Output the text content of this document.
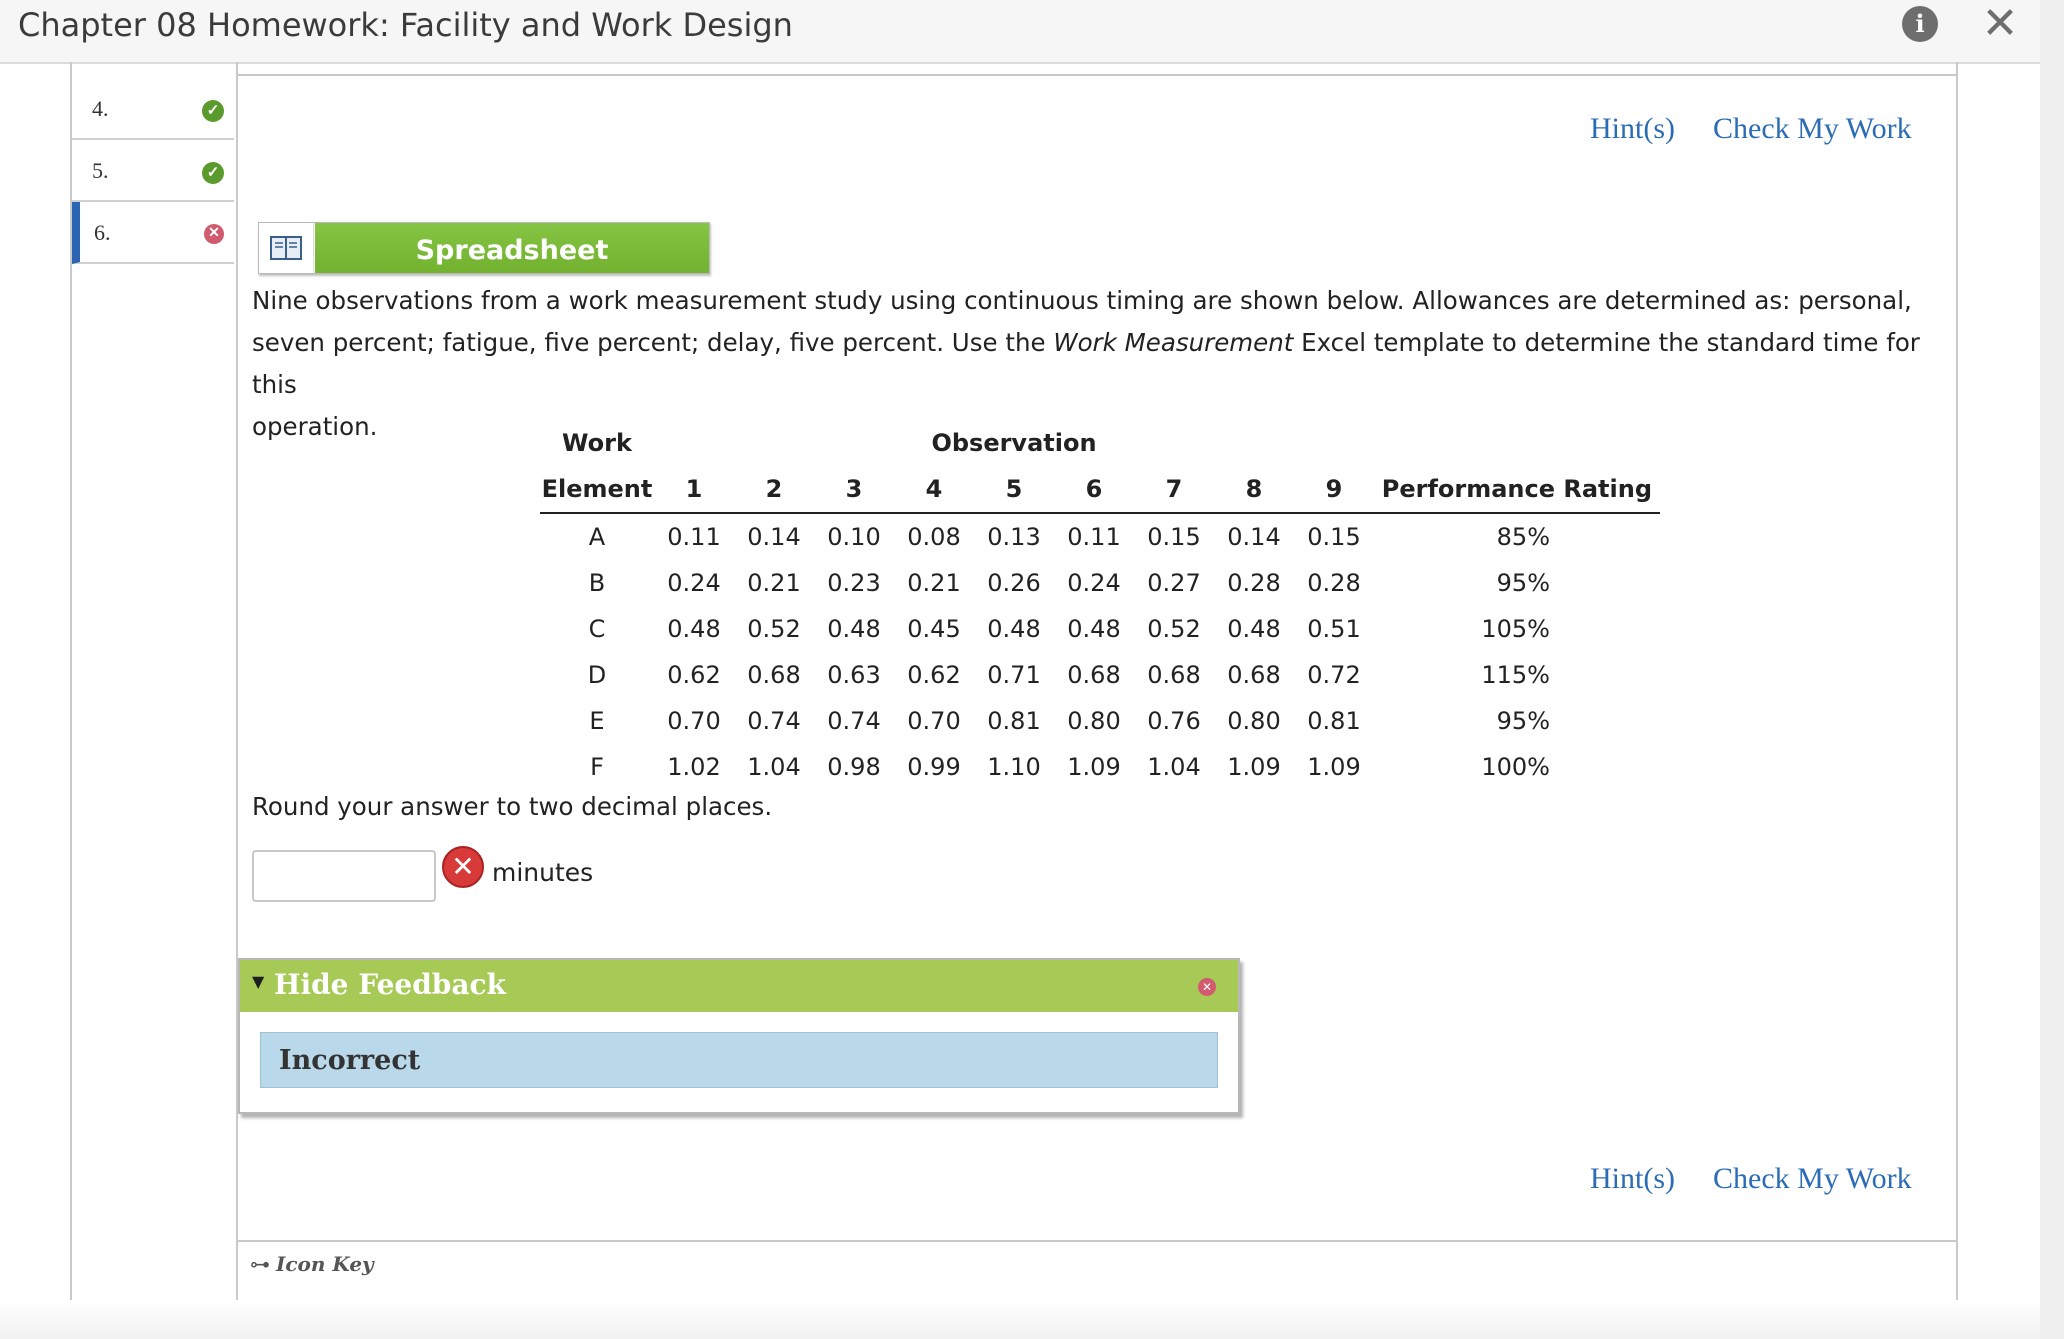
Chapter 08 Homework: Facility and Work Design	i	✕
4.	✓
5.	✓
6.	✕
Hint(s) Check My Work
Spreadsheet
Nine observations from a work measurement study using continuous timing are shown below. Allowances are determined as: personal,
seven percent; fatigue, five percent; delay, five percent. Use the Work Measurement Excel template to determine the standard time for this
operation.
Work	Observation									
Element	1	2	3	4	5	6	7	8	9	Performance Rating
A	0.11	0.14	0.10	0.08	0.13	0.11	0.15	0.14	0.15	85%
B	0.24	0.21	0.23	0.21	0.26	0.24	0.27	0.28	0.28	95%
C	0.48	0.52	0.48	0.45	0.48	0.48	0.52	0.48	0.51	105%
D	0.62	0.68	0.63	0.62	0.71	0.68	0.68	0.68	0.72	115%
E	0.70	0.74	0.74	0.70	0.81	0.80	0.76	0.80	0.81	95%
F	1.02	1.04	0.98	0.99	1.10	1.09	1.04	1.09	1.09	100%
Round your answer to two decimal places.
✕ minutes
▼ Hide Feedback	✕
Incorrect
Hint(s) Check My Work
⊶ Icon Key
